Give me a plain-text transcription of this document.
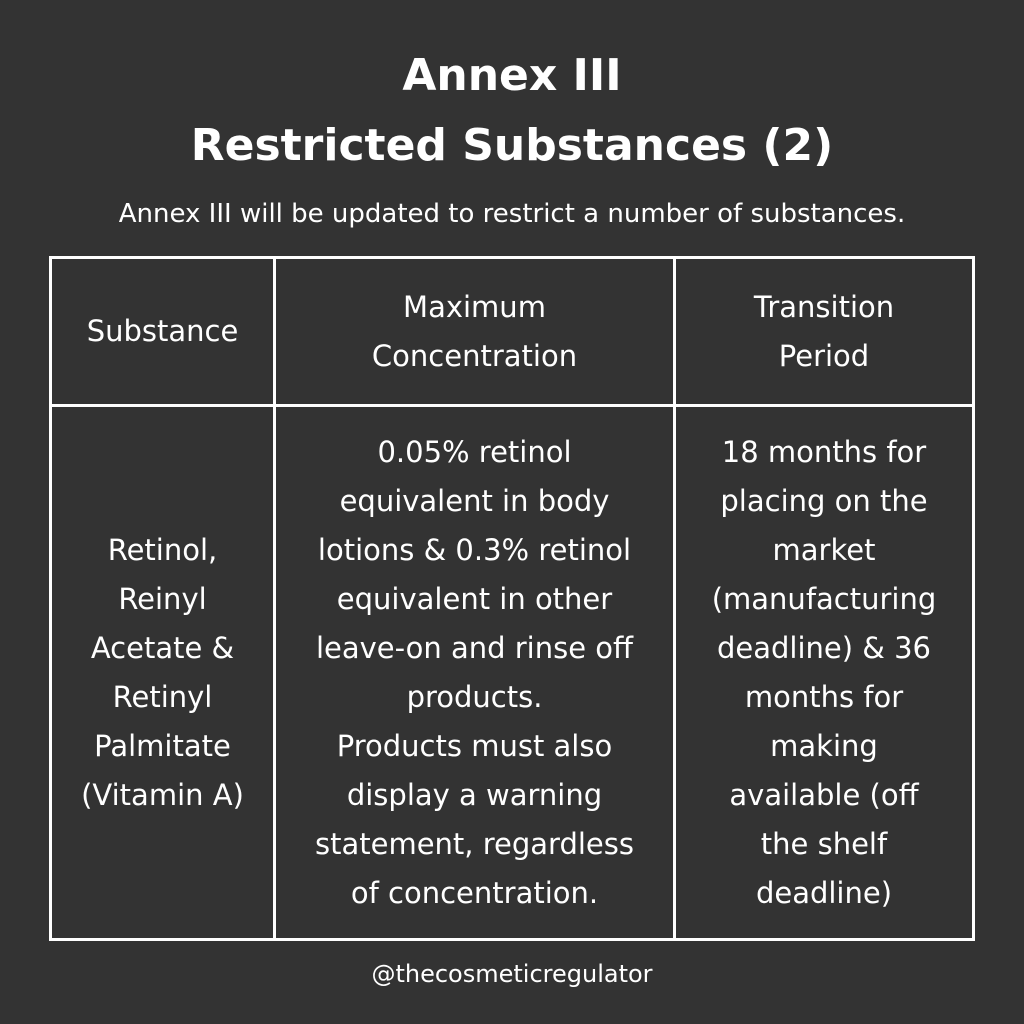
Annex III
Restricted Substances (2)
Annex III will be updated to restrict a number of substances.
Substance
Maximum
Concentration
Transition
Period
Retinol,
Reinyl
Acetate &
Retinyl
Palmitate
(Vitamin A)
0.05% retinol
equivalent in body
lotions & 0.3% retinol
equivalent in other
leave-on and rinse off
products.
Products must also
display a warning
statement, regardless
of concentration.
18 months for
placing on the
market
(manufacturing
deadline) & 36
months for
making
available (off
the shelf
deadline)
@thecosmeticregulator
